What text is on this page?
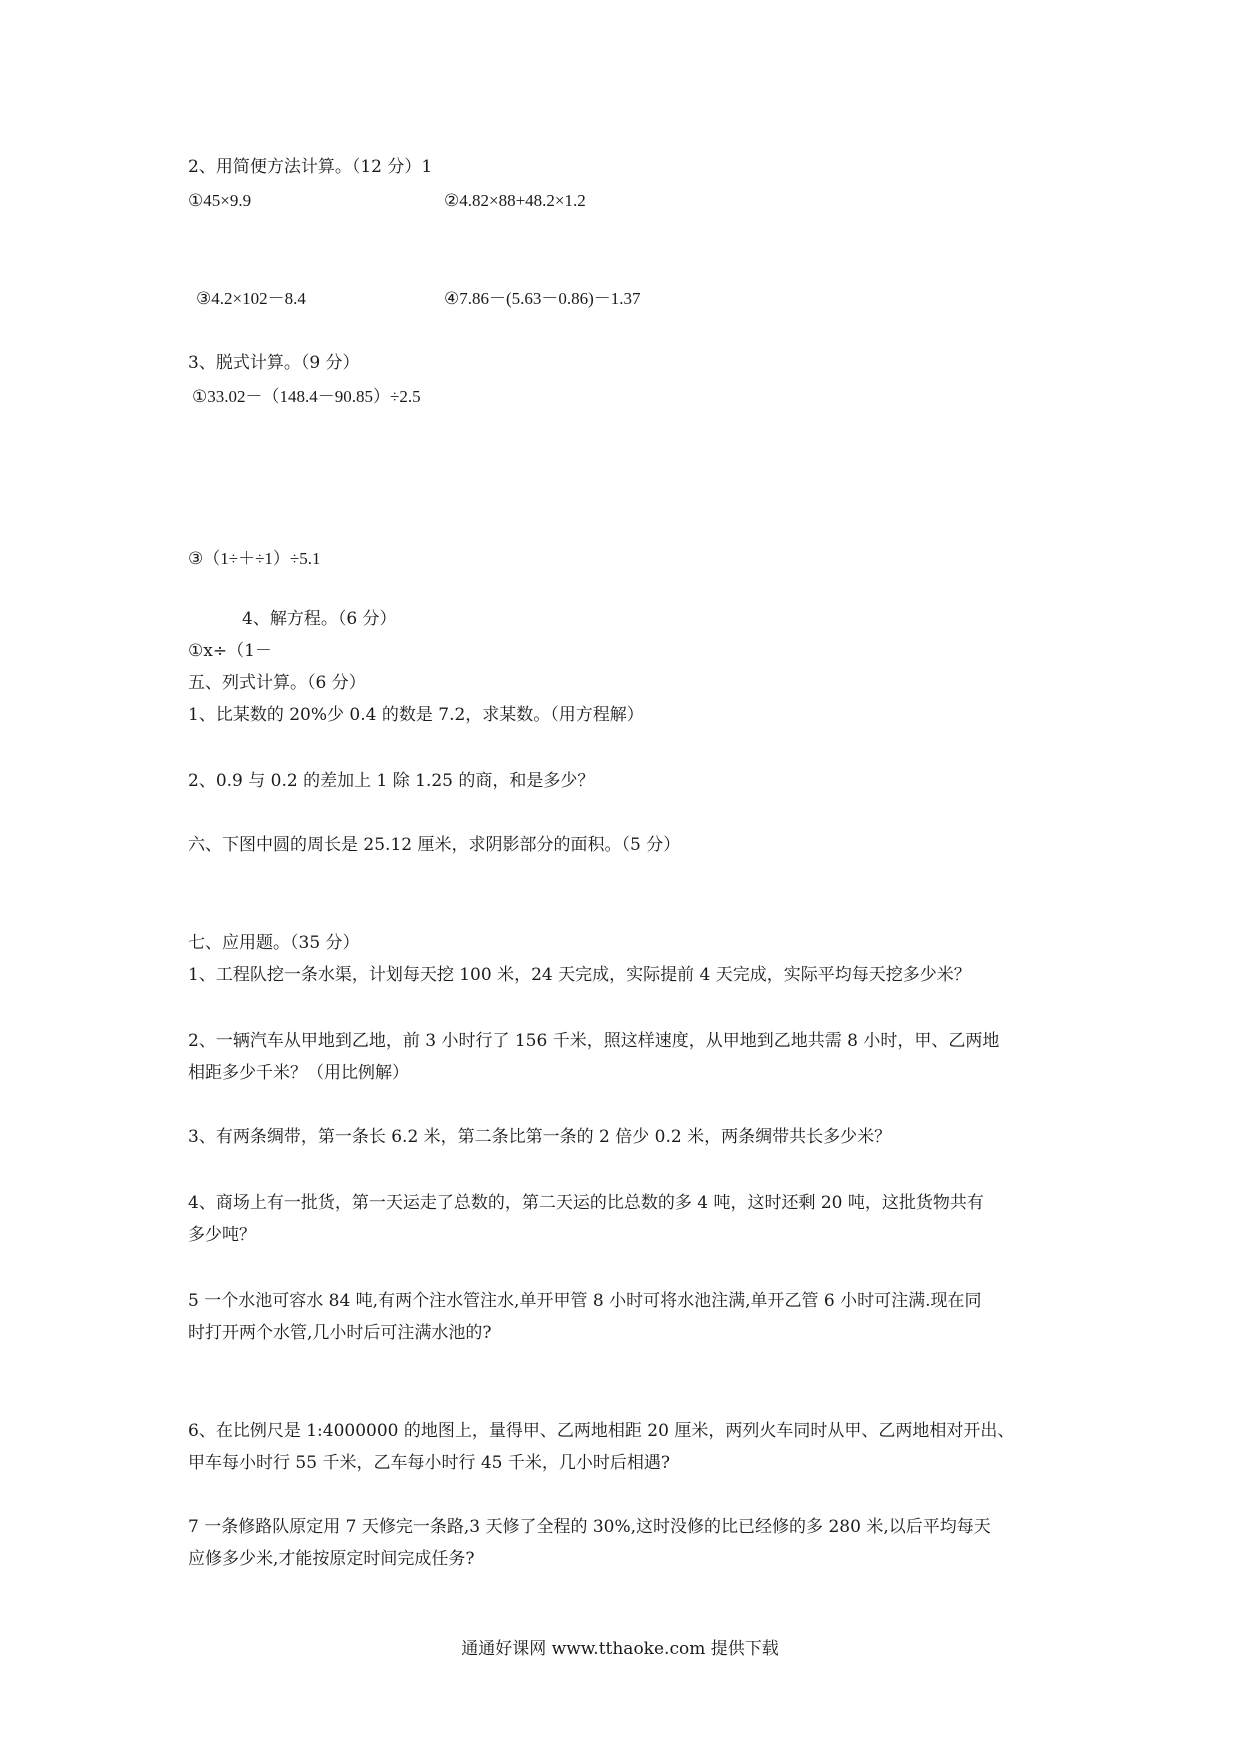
2、用简便方法计算。（12 分）1
①45×9.9	②4.82×88+48.2×1.2
③4.2×102－8.4	④7.86－(5.63－0.86)－1.37
3、脱式计算。（9 分）
①33.02－（148.4－90.85）÷2.5
③（1÷＋÷1）÷5.1
4、解方程。（6 分）
①x÷（1－
五、列式计算。（6 分）
1、比某数的 20%少 0.4 的数是 7.2，求某数。（用方程解）
2、0.9 与 0.2 的差加上 1 除 1.25 的商，和是多少？
六、下图中圆的周长是 25.12 厘米，求阴影部分的面积。（5 分）
七、应用题。（35 分）
1、工程队挖一条水渠，计划每天挖 100 米，24 天完成，实际提前 4 天完成，实际平均每天挖多少米？
2、一辆汽车从甲地到乙地，前 3 小时行了 156 千米，照这样速度，从甲地到乙地共需 8 小时，甲、乙两地
相距多少千米？（用比例解）
3、有两条绸带，第一条长 6.2 米，第二条比第一条的 2 倍少 0.2 米，两条绸带共长多少米？
4、商场上有一批货，第一天运走了总数的，第二天运的比总数的多 4 吨，这时还剩 20 吨，这批货物共有
多少吨？
5 一个水池可容水 84 吨,有两个注水管注水,单开甲管 8 小时可将水池注满,单开乙管 6 小时可注满.现在同
时打开两个水管,几小时后可注满水池的?
6、在比例尺是 1:4000000 的地图上，量得甲、乙两地相距 20 厘米，两列火车同时从甲、乙两地相对开出、
甲车每小时行 55 千米，乙车每小时行 45 千米，几小时后相遇?
7 一条修路队原定用 7 天修完一条路,3 天修了全程的 30%,这时没修的比已经修的多 280 米,以后平均每天
应修多少米,才能按原定时间完成任务?
通通好课网 www.tthaoke.com 提供下载
